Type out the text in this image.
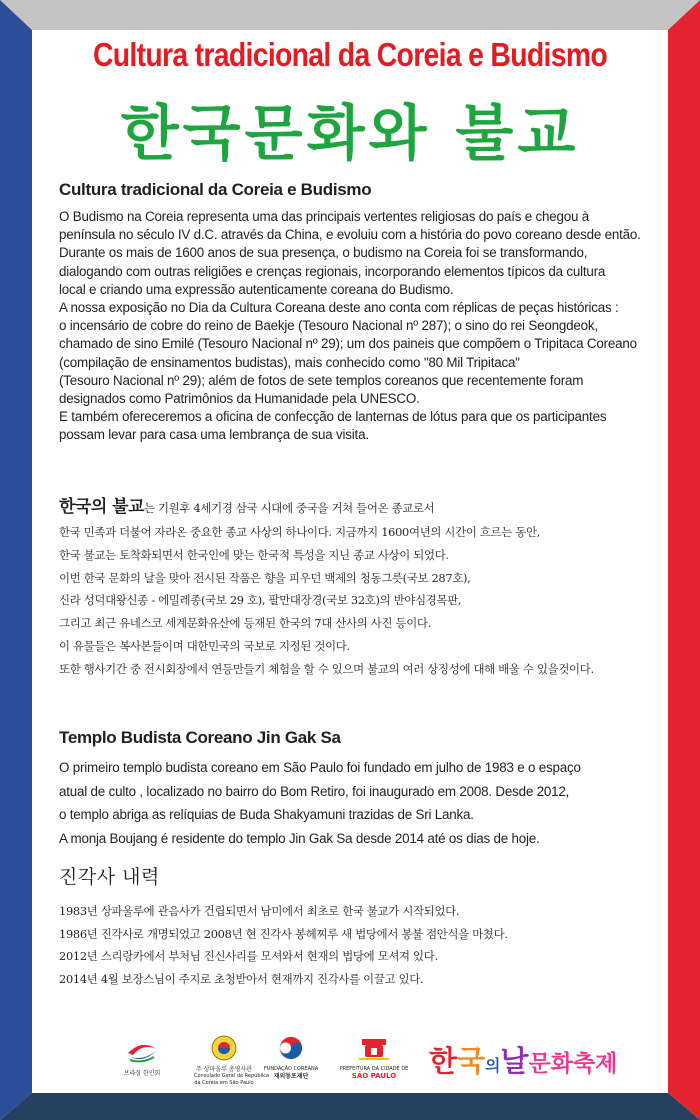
Cultura tradicional da Coreia e Budismo
한국문화와 불교
Cultura tradicional da Coreia e Budismo
O Budismo na Coreia representa uma das principais vertentes religiosas do país e chegou à
península no século IV d.C. através da China, e evoluiu com a história do povo coreano desde então.
Durante os mais de 1600 anos de sua presença, o budismo na Coreia foi se transformando,
dialogando com outras religiões e crenças regionais, incorporando elementos típicos da cultura
local e criando uma expressão autenticamente coreana do Budismo.
A nossa exposição no Dia da Cultura Coreana deste ano conta com réplicas de peças históricas :
o incensário de cobre do reino de Baekje (Tesouro Nacional nº 287); o sino do rei Seongdeok,
chamado de sino Emilé (Tesouro Nacional nº 29); um dos paineis que compõem o Tripitaca Coreano
(compilação de ensinamentos budistas), mais conhecido como "80 Mil Tripitaca"
(Tesouro Nacional nº 29); além de fotos de sete templos coreanos que recentemente foram
designados como Patrimônios da Humanidade pela UNESCO.
E também ofereceremos a oficina de confecção de lanternas de lótus para que os participantes
possam levar para casa uma lembrança de sua visita.
한국의 불교는 기원후 4세기경 삼국 시대에 중국을 거쳐 들어온 종교로서
한국 민족과 더불어 자라온 중요한 종교 사상의 하나이다. 지금까지 1600여년의 시간이 흐르는 동안,
한국 불교는 토착화되면서 한국인에 맞는 한국적 특성을 지닌 종교 사상이 되었다.
이번 한국 문화의 날을 맞아 전시된 작품은 향을 피우던 백제의 청동그릇(국보 287호),
신라 성덕대왕신종 - 에밀레종(국보 29 호), 팔만대장경(국보 32호)의 반야심경목판,
그리고 최근 유네스코 세계문화유산에 등재된 한국의 7대 산사의 사진 등이다.
이 유물들은 복사본들이며 대한민국의 국보로 지정된 것이다.
또한 행사기간 중 전시회장에서 연등만들기 체험을 할 수 있으며 불교의 여러 상징성에 대해 배울 수 있을것이다.
Templo Budista Coreano Jin Gak Sa
O primeiro templo budista coreano em São Paulo foi fundado em julho de 1983 e o espaço
atual de culto , localizado no bairro do Bom Retiro, foi inaugurado em 2008. Desde 2012,
o templo abriga as relíquias de Buda Shakyamuni trazidas de Sri Lanka.
A monja Boujang é residente do templo Jin Gak Sa desde 2014 até os dias de hoje.
진각사 내력
1983년 상파울루에 관음사가 건립되면서 남미에서 최초로 한국 불교가 시작되었다.
1986년 진각사로 개명되었고 2008년 현 진각사 봉헤찌루 새 법당에서 봉불 점안식을 마쳤다.
2012년 스리랑카에서 부처님 진신사리를 모셔와서 현재의 법당에 모셔져 있다.
2014년 4월 보장스님이 주지로 초청받아서 현재까지 진각사를 이끌고 있다.
브라질 한인회
주 상파울루 총영사관
Consulado Geral da República
da Coreia em São Paulo
FUNDAÇÃO COREANA
재외동포재단
PREFEITURA DA CIDADE DE
SÃO PAULO	한국의날문화축제
